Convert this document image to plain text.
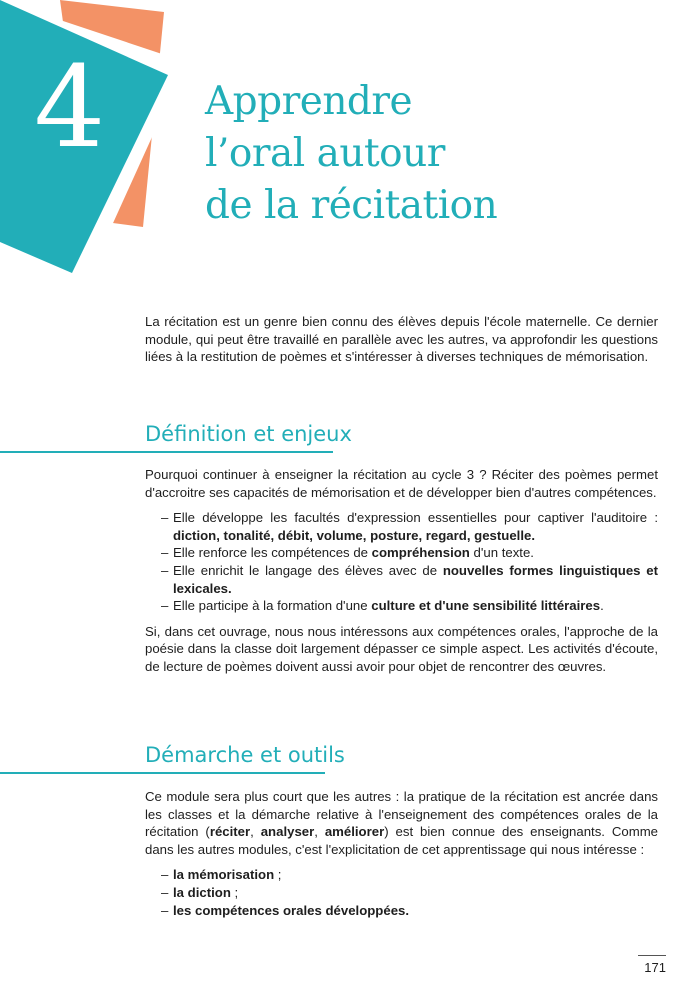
4	Apprendre
l’oral autour
de la récitation

La récitation est un genre bien connu des élèves depuis l'école maternelle. Ce dernier module, qui peut être travaillé en parallèle avec les autres, va approfondir les questions liées à la restitution de poèmes et s'intéresser à diverses techniques de mémorisation.

Définition et enjeux

Pourquoi continuer à enseigner la récitation au cycle 3 ? Réciter des poèmes permet d'accroitre ses capacités de mémorisation et de développer bien d'autres compétences.

– Elle développe les facultés d'expression essentielles pour captiver l'auditoire : diction, tonalité, débit, volume, posture, regard, gestuelle.
– Elle renforce les compétences de compréhension d'un texte.
– Elle enrichit le langage des élèves avec de nouvelles formes linguistiques et lexicales.
– Elle participe à la formation d'une culture et d'une sensibilité littéraires.

Si, dans cet ouvrage, nous nous intéressons aux compétences orales, l'approche de la poésie dans la classe doit largement dépasser ce simple aspect. Les activités d'écoute, de lecture de poèmes doivent aussi avoir pour objet de rencontrer des œuvres.

Démarche et outils

Ce module sera plus court que les autres : la pratique de la récitation est ancrée dans les classes et la démarche relative à l'enseignement des compétences orales de la récitation (réciter, analyser, améliorer) est bien connue des enseignants. Comme dans les autres modules, c'est l'explicitation de cet apprentissage qui nous intéresse :

– la mémorisation ;
– la diction ;
– les compétences orales développées.
171
